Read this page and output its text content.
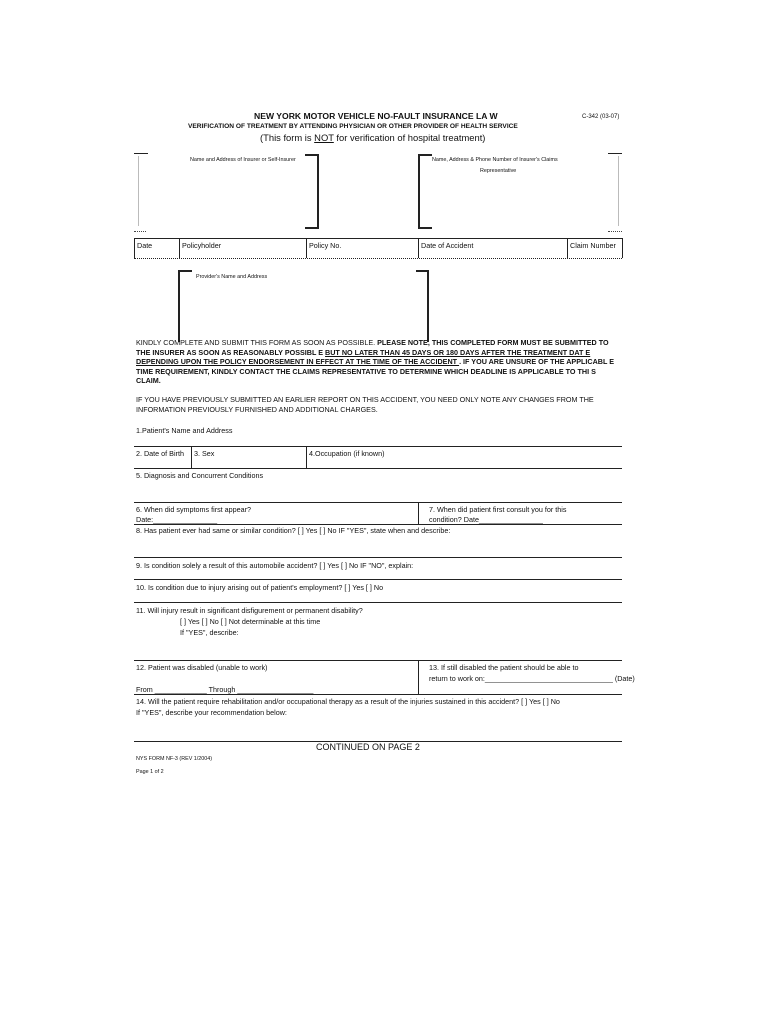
NEW YORK MOTOR VEHICLE NO-FAULT INSURANCE LA W	C-342 (03-07)
VERIFICATION OF TREATMENT BY ATTENDING PHYSICIAN OR OTHER PROVIDER OF HEALTH SERVICE
(This form is NOT for verification of hospital treatment)
Name and Address of Insurer or Self-Insurer	Name, Address & Phone Number of Insurer's Claims
Representative
Date	Policyholder	Policy No.	Date of Accident	Claim Number
Provider's Name and Address
KINDLY COMPLETE AND SUBMIT THIS FORM AS SOON AS POSSIBLE. PLEASE NOTE, THIS COMPLETED FORM MUST BE SUBMITTED TO
THE INSURER AS SOON AS REASONABLY POSSIBL E BUT NO LATER THAN 45 DAYS OR 180 DAYS AFTER THE TREATMENT DAT E
DEPENDING UPON THE POLICY ENDORSEMENT IN EFFECT AT THE TIME OF THE ACCIDENT . IF YOU ARE UNSURE OF THE APPLICABL E
TIME REQUIREMENT, KINDLY CONTACT THE CLAIMS REPRESENTATIVE TO DETERMINE WHICH DEADLINE IS APPLICABLE TO THI S
CLAIM.
IF YOU HAVE PREVIOUSLY SUBMITTED AN EARLIER REPORT ON THIS ACCIDENT, YOU NEED ONLY NOTE ANY CHANGES FROM THE
INFORMATION PREVIOUSLY FURNISHED AND ADDITIONAL CHARGES.
1.Patient's Name and Address
2. Date of Birth 3. Sex	4.Occupation (if known)
5. Diagnosis and Concurrent Conditions
6. When did symptoms first appear?
Date:________________
7. When did patient first consult you for this
condition? Date________________
8. Has patient ever had same or similar condition? [ ] Yes [ ] No IF "YES", state when and describe:
9. Is condition solely a result of this automobile accident? [ ] Yes [ ] No IF "NO", explain:
10. Is condition due to injury arising out of patient's employment? [ ] Yes [ ] No
11. Will injury result in significant disfigurement or permanent disability?
[ ] Yes [ ] No [ ] Not determinable at this time
If "YES", describe:
12. Patient was disabled (unable to work)
From _____________ Through ___________________
13. If still disabled the patient should be able to
return to work on:________________________________ (Date)
14. Will the patient require rehabilitation and/or occupational therapy as a result of the injuries sustained in this accident? [ ] Yes [ ] No
If "YES", describe your recommendation below:
CONTINUED ON PAGE 2
NYS FORM NF-3 (REV 1/2004)
Page 1 of 2
